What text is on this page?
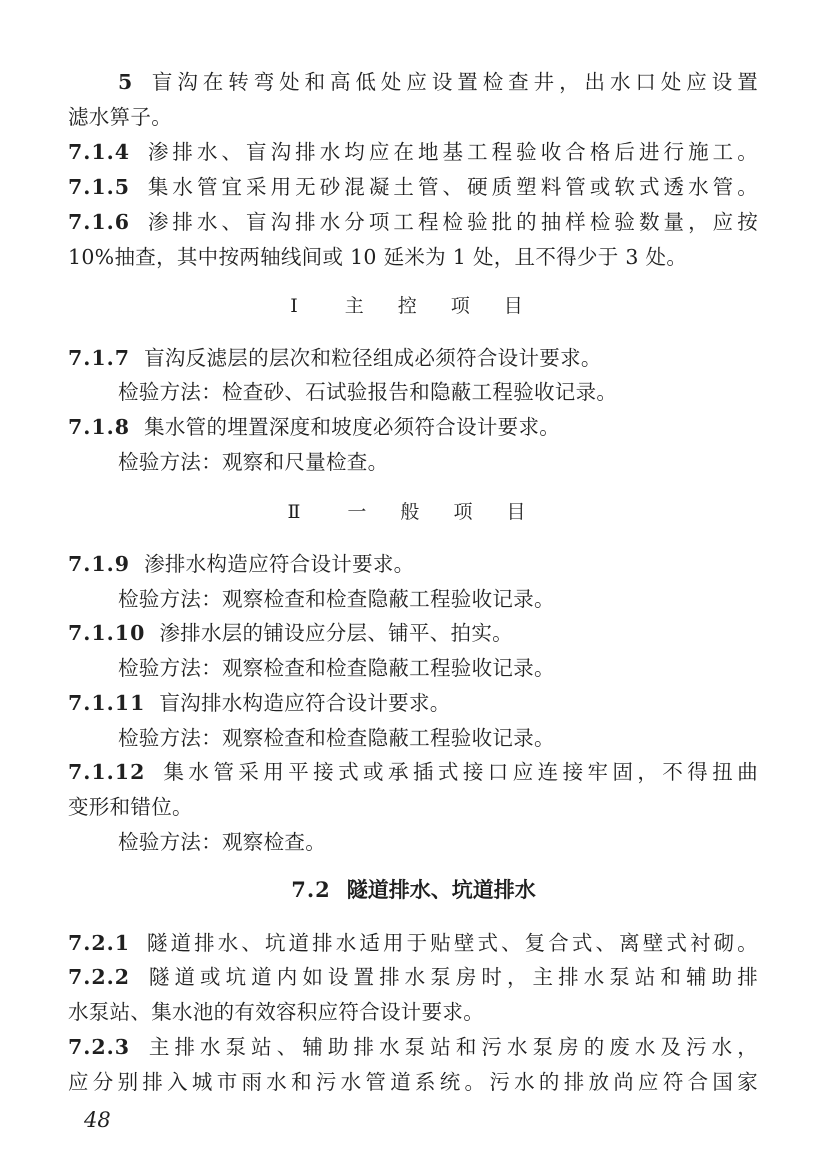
5 盲沟在转弯处和高低处应设置检查井，出水口处应设置
滤水箅子。
7.1.4 渗排水、盲沟排水均应在地基工程验收合格后进行施工。
7.1.5 集水管宜采用无砂混凝土管、硬质塑料管或软式透水管。
7.1.6 渗排水、盲沟排水分项工程检验批的抽样检验数量，应按
10%抽查，其中按两轴线间或 10 延米为 1 处，且不得少于 3 处。
Ⅰ　主 控 项 目
7.1.7 盲沟反滤层的层次和粒径组成必须符合设计要求。
检验方法：检查砂、石试验报告和隐蔽工程验收记录。
7.1.8 集水管的埋置深度和坡度必须符合设计要求。
检验方法：观察和尺量检查。
Ⅱ　一 般 项 目
7.1.9 渗排水构造应符合设计要求。
检验方法：观察检查和检查隐蔽工程验收记录。
7.1.10 渗排水层的铺设应分层、铺平、拍实。
检验方法：观察检查和检查隐蔽工程验收记录。
7.1.11 盲沟排水构造应符合设计要求。
检验方法：观察检查和检查隐蔽工程验收记录。
7.1.12 集水管采用平接式或承插式接口应连接牢固，不得扭曲
变形和错位。
检验方法：观察检查。
7.2 隧道排水、坑道排水
7.2.1 隧道排水、坑道排水适用于贴壁式、复合式、离壁式衬砌。
7.2.2 隧道或坑道内如设置排水泵房时，主排水泵站和辅助排
水泵站、集水池的有效容积应符合设计要求。
7.2.3 主排水泵站、辅助排水泵站和污水泵房的废水及污水，
应分别排入城市雨水和污水管道系统。污水的排放尚应符合国家
48
